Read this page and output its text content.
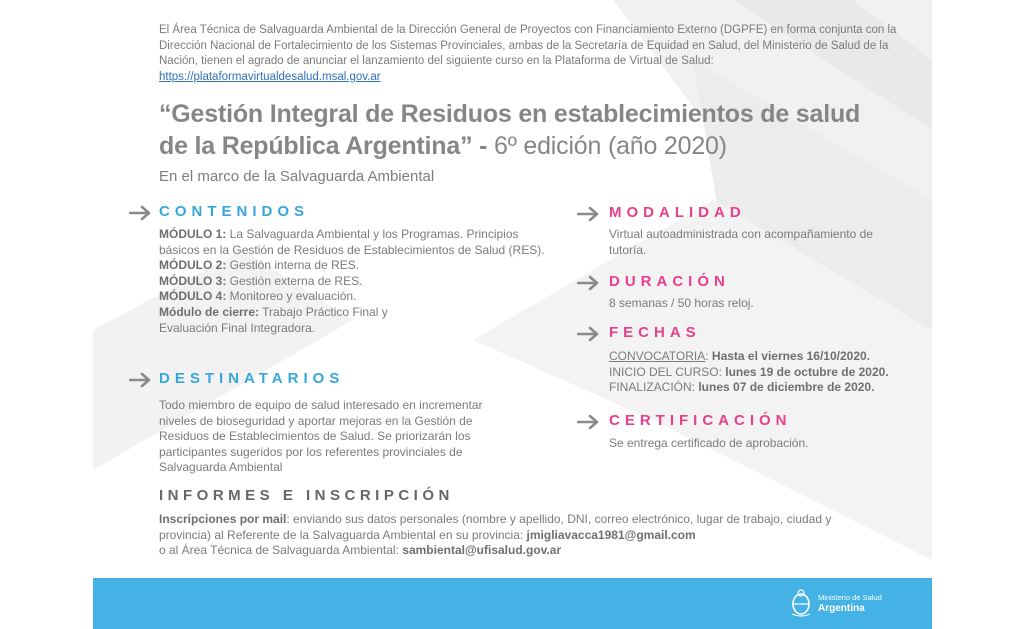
El Área Técnica de Salvaguarda Ambiental de la Dirección General de Proyectos con Financiamiento Externo (DGPFE) en forma conjunta con la Dirección Nacional de Fortalecimiento de los Sistemas Provinciales, ambas de la Secretaría de Equidad en Salud, del Ministerio de Salud de la Nación, tienen el agrado de anunciar el lanzamiento del siguiente curso en la Plataforma de Virtual de Salud:
https://plataformavirtualdesalud.msal.gov.ar
“Gestión Integral de Residuos en establecimientos de salud
de la República Argentina” - 6º edición (año 2020)
En el marco de la Salvaguarda Ambiental
CONTENIDOS
MÓDULO 1: La Salvaguarda Ambiental y los Programas. Principios básicos en la Gestión de Residuos de Establecimientos de Salud (RES).
MÓDULO 2: Gestión interna de RES.
MÓDULO 3: Gestión externa de RES.
MÓDULO 4: Monitoreo y evaluación.
Módulo de cierre: Trabajo Práctico Final y Evaluación Final Integradora.
DESTINATARIOS
Todo miembro de equipo de salud interesado en incrementar niveles de bioseguridad y aportar mejoras en la Gestión de Residuos de Establecimientos de Salud. Se priorizarán los participantes sugeridos por los referentes provinciales de Salvaguarda Ambiental
INFORMES E INSCRIPCIÓN
Inscripciones por mail: enviando sus datos personales (nombre y apellido, DNI, correo electrónico, lugar de trabajo, ciudad y provincia) al Referente de la Salvaguarda Ambiental en su provincia: jmigliavacca1981@gmail.com
o al Área Técnica de Salvaguarda Ambiental: sambiental@ufisalud.gov.ar
MODALIDAD
Virtual autoadministrada con acompañamiento de tutoría.
DURACIÓN
8 semanas / 50 horas reloj.
FECHAS
CONVOCATORIA: Hasta el viernes 16/10/2020.
INICIO DEL CURSO: lunes 19 de octubre de 2020.
FINALIZACIÓN: lunes 07 de diciembre de 2020.
CERTIFICACIÓN
Se entrega certificado de aprobación.
Ministerio de Salud
Argentina
